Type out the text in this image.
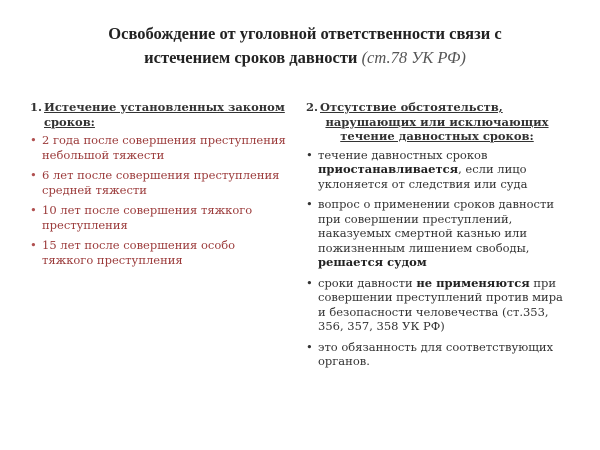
Освобождение от уголовной ответственности связи с
истечением сроков давности (ст.78 УК РФ)
1. Истечение установленных законом
сроков:
• 2 года после совершения преступления небольшой тяжести
• 6 лет после совершения преступления средней тяжести
• 10 лет после совершения тяжкого преступления
• 15 лет после совершения особо тяжкого преступления
2. Отсутствие обстоятельств,
нарушающих или исключающих
течение давностных сроков:
• течение давностных сроков приостанавливается, если лицо уклоняется от следствия или суда
• вопрос о применении сроков давности при совершении преступлений, наказуемых смертной казнью или пожизненным лишением свободы, решается судом
• сроки давности не применяются при совершении преступлений против мира и безопасности человечества (ст.353, 356, 357, 358 УК РФ)
• это обязанность для соответствующих органов.
